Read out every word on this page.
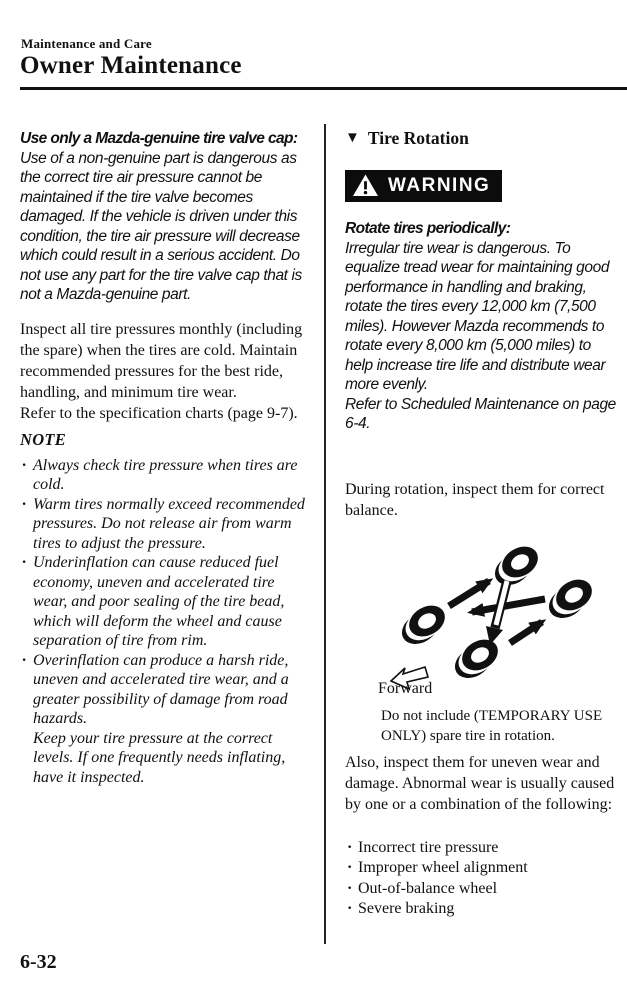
Maintenance and Care
Owner Maintenance

Use only a Mazda-genuine tire valve cap:

Use of a non-genuine part is dangerous as the correct tire air pressure cannot be maintained if the tire valve becomes damaged. If the vehicle is driven under this condition, the tire air pressure will decrease which could result in a serious accident. Do not use any part for the tire valve cap that is not a Mazda-genuine part.

Inspect all tire pressures monthly (including the spare) when the tires are cold. Maintain recommended pressures for the best ride, handling, and minimum tire wear.

Refer to the specification charts (page 9-7).

NOTE

· Always check tire pressure when tires are cold.
· Warm tires normally exceed recommended pressures. Do not release air from warm tires to adjust the pressure.
· Underinflation can cause reduced fuel economy, uneven and accelerated tire wear, and poor sealing of the tire bead, which will deform the wheel and cause separation of tire from rim.
· Overinflation can produce a harsh ride, uneven and accelerated tire wear, and a greater possibility of damage from road hazards.

Keep your tire pressure at the correct levels. If one frequently needs inflating, have it inspected.

▼ Tire Rotation
WARNING

Rotate tires periodically:

Irregular tire wear is dangerous. To equalize tread wear for maintaining good performance in handling and braking, rotate the tires every 12,000 km (7,500 miles). However Mazda recommends to rotate every 8,000 km (5,000 miles) to help increase tire life and distribute wear more evenly.

Refer to Scheduled Maintenance on page 6-4.

During rotation, inspect them for correct balance.

Forward

Do not include (TEMPORARY USE ONLY) spare tire in rotation.

Also, inspect them for uneven wear and damage. Abnormal wear is usually caused by one or a combination of the following:

· Incorrect tire pressure
· Improper wheel alignment
· Out-of-balance wheel
· Severe braking
6-32
